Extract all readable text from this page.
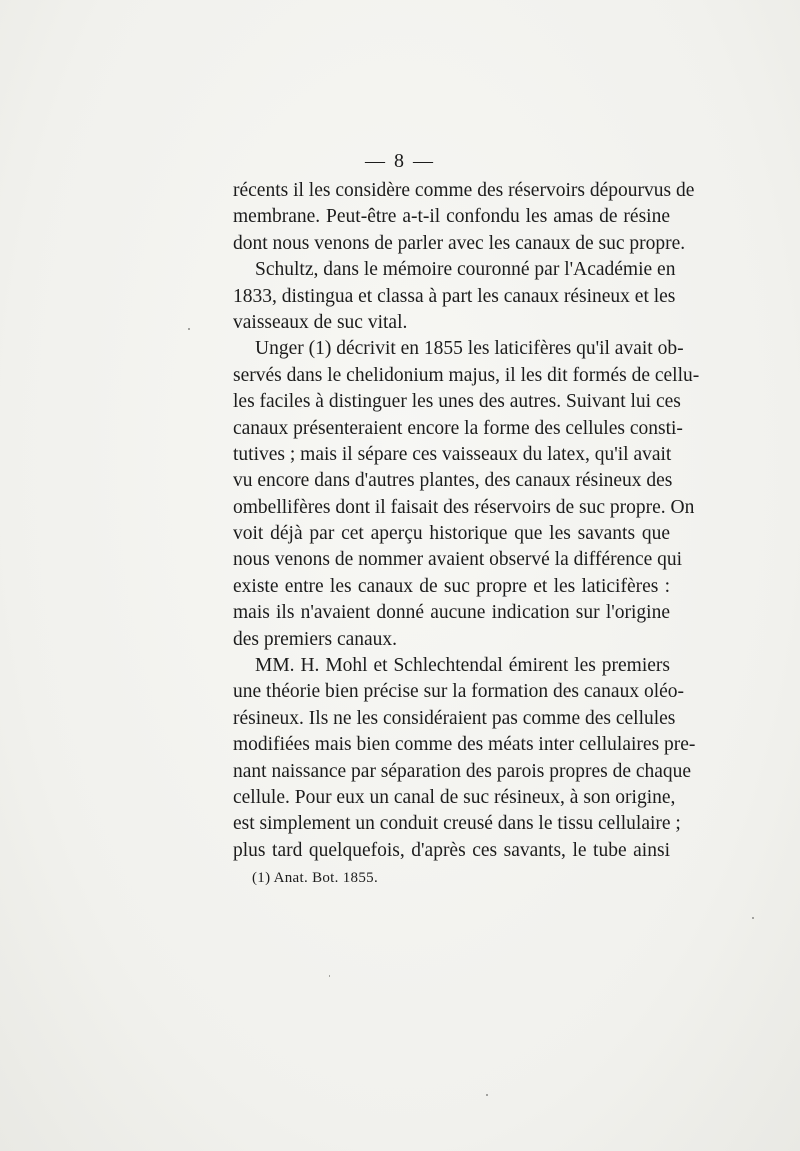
— 8 —
récents il les considère comme des réservoirs dépourvus de
membrane. Peut-être a-t-il confondu les amas de résine
dont nous venons de parler avec les canaux de suc propre.
Schultz, dans le mémoire couronné par l'Académie en
1833, distingua et classa à part les canaux résineux et les
vaisseaux de suc vital.
Unger (1) décrivit en 1855 les laticifères qu'il avait ob-
servés dans le chelidonium majus, il les dit formés de cellu-
les faciles à distinguer les unes des autres. Suivant lui ces
canaux présenteraient encore la forme des cellules consti-
tutives ; mais il sépare ces vaisseaux du latex, qu'il avait
vu encore dans d'autres plantes, des canaux résineux des
ombellifères dont il faisait des réservoirs de suc propre. On
voit déjà par cet aperçu historique que les savants que
nous venons de nommer avaient observé la différence qui
existe entre les canaux de suc propre et les laticifères :
mais ils n'avaient donné aucune indication sur l'origine
des premiers canaux.
MM. H. Mohl et Schlechtendal émirent les premiers
une théorie bien précise sur la formation des canaux oléo-
résineux. Ils ne les considéraient pas comme des cellules
modifiées mais bien comme des méats inter cellulaires pre-
nant naissance par séparation des parois propres de chaque
cellule. Pour eux un canal de suc résineux, à son origine,
est simplement un conduit creusé dans le tissu cellulaire ;
plus tard quelquefois, d'après ces savants, le tube ainsi
(1) Anat. Bot. 1855.
